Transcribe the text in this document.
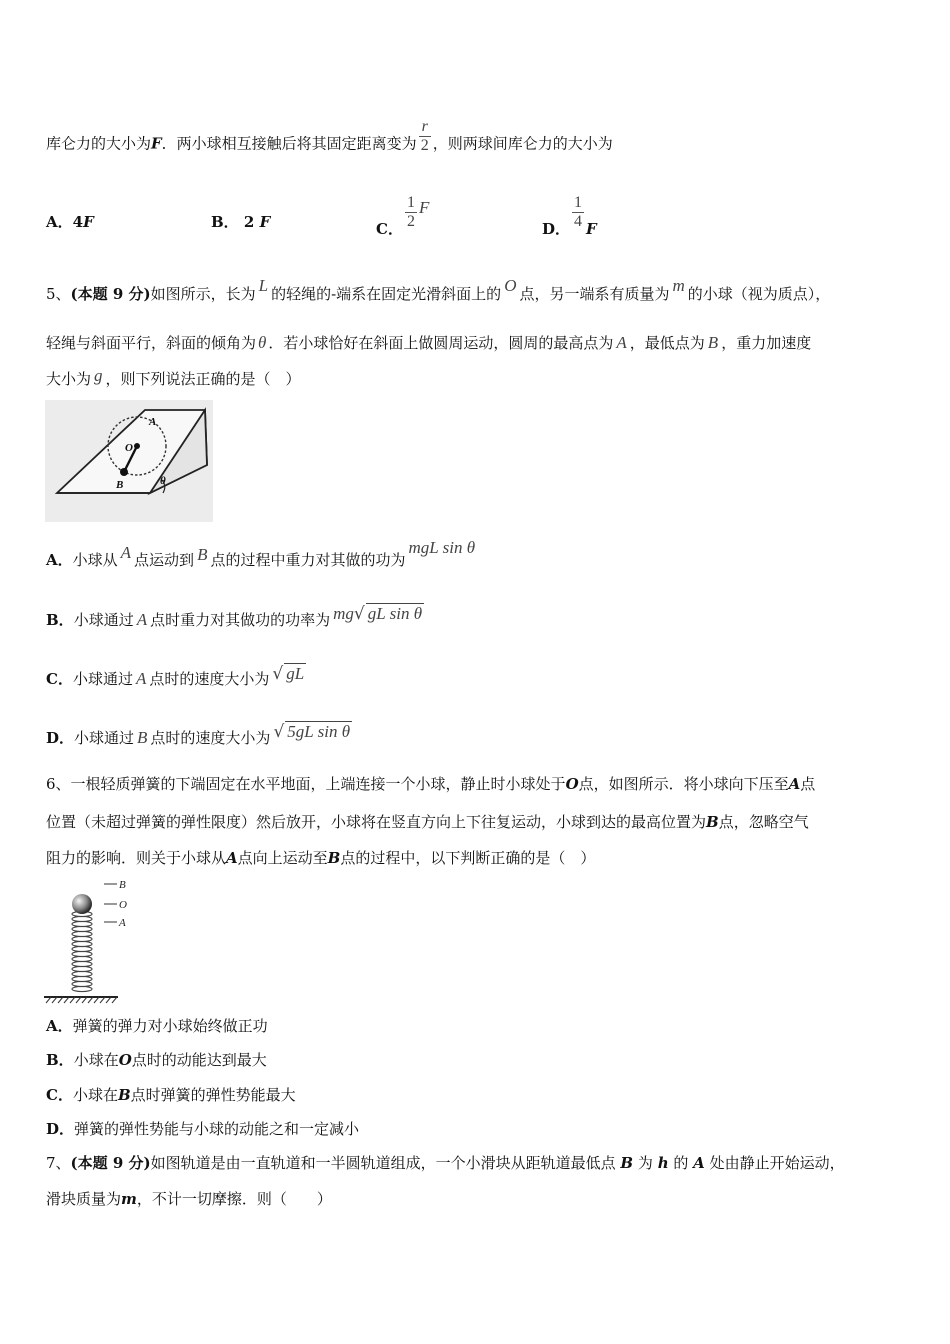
库仑力的大小为F．两小球相互接触后将其固定距离变为 $\frac{r}{2}$ ，则两球间库仑力的大小为
A．4F	B． 2 F	C． $\frac{1}{2}$ F
D． $\frac{1}{4}$ F
5、(本题 9 分)如图所示，长为 L 的轻绳的-端系在固定光滑斜面上的 O 点，另一端系有质量为 m 的小球（视为质点），
轻绳与斜面平行，斜面的倾角为 θ ．若小球恰好在斜面上做圆周运动，圆周的最高点为 A ，最低点为 B ，重力加速度
大小为 g ，则下列说法正确的是（　）
A
O
B	θ
A．小球从 A 点运动到 B 点的过程中重力对其做的功为mgL sin θ
B．小球通过 A 点时重力对其做功的功率为 mg√ gL sin θ
C．小球通过 A 点时的速度大小为 √ gL
D．小球通过 B 点时的速度大小为 √ 5gL sin θ
6、一根轻质弹簧的下端固定在水平地面，上端连接一个小球，静止时小球处于O点，如图所示．将小球向下压至A点
位置（未超过弹簧的弹性限度）然后放开，小球将在竖直方向上下往复运动，小球到达的最高位置为B点，忽略空气
阻力的影响．则关于小球从A点向上运动至B点的过程中，以下判断正确的是（　）
B
O
A
A．弹簧的弹力对小球始终做正功
B．小球在O点时的动能达到最大
C．小球在B点时弹簧的弹性势能最大
D．弹簧的弹性势能与小球的动能之和一定减小
7、(本题 9 分)如图轨道是由一直轨道和一半圆轨道组成，一个小滑块从距轨道最低点 B 为 h 的 A 处由静止开始运动，
滑块质量为m，不计一切摩擦．则（　　）
